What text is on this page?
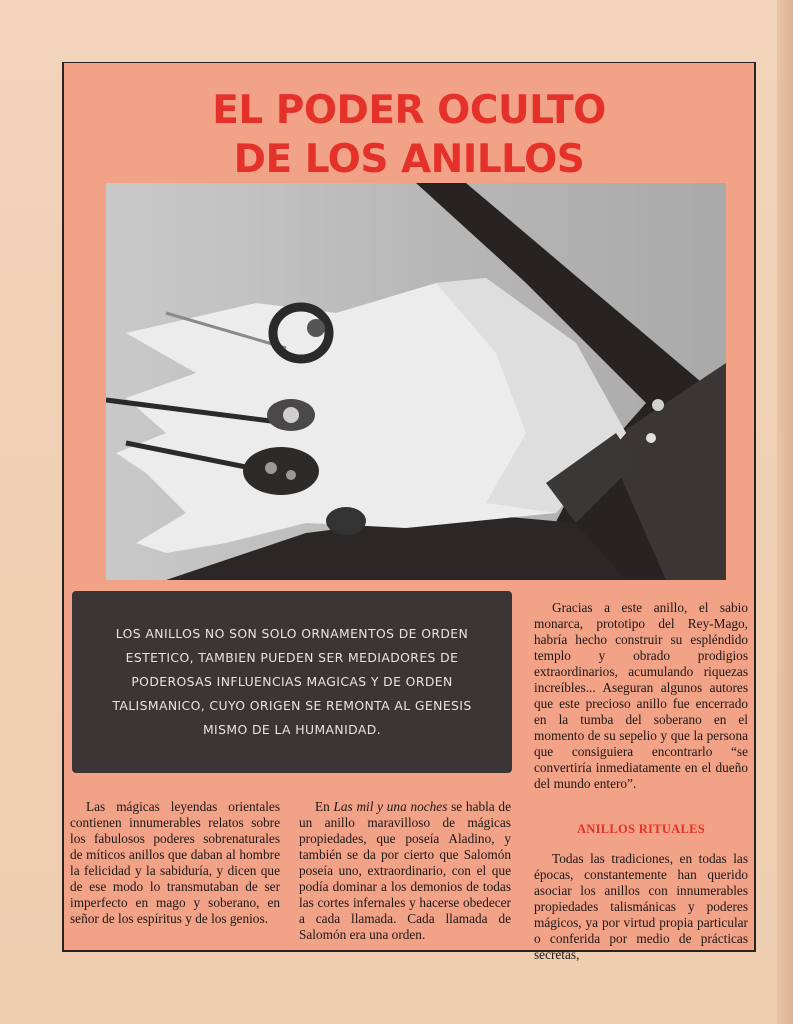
EL PODER OCULTO
DE LOS ANILLOS

LOS ANILLOS NO SON SOLO ORNAMENTOS DE ORDEN ESTETICO, TAMBIEN PUEDEN SER MEDIADORES DE PODEROSAS INFLUENCIAS MAGICAS Y DE ORDEN TALISMANICO, CUYO ORIGEN SE REMONTA AL GENESIS MISMO DE LA HUMANIDAD.

Las mágicas leyendas orientales contienen innumerables relatos sobre los fabulosos poderes sobrenaturales de míticos anillos que daban al hombre la felicidad y la sabiduría, y dicen que de ese modo lo transmutaban de ser imperfecto en mago y soberano, en señor de los espíritus y de los genios.

En Las mil y una noches se habla de un anillo maravilloso de mágicas propiedades, que poseía Aladino, y también se da por cierto que Salomón poseía uno, extraordinario, con el que podía dominar a los demonios de todas las cortes infernales y hacerse obedecer a cada llamada. Cada llamada de Salomón era una orden.

Gracias a este anillo, el sabio monarca, prototipo del Rey-Mago, habría hecho construir su espléndido templo y obrado prodigios extraordinarios, acumulando riquezas increíbles... Aseguran algunos autores que este precioso anillo fue encerrado en la tumba del soberano en el momento de su sepelio y que la persona que consiguiera encontrarlo “se convertiría inmediatamente en el dueño del mundo entero”.

ANILLOS RITUALES

Todas las tradiciones, en todas las épocas, constantemente han querido asociar los anillos con innumerables propiedades talismánicas y poderes mágicos, ya por virtud propia particular o conferida por medio de prácticas secretas,
